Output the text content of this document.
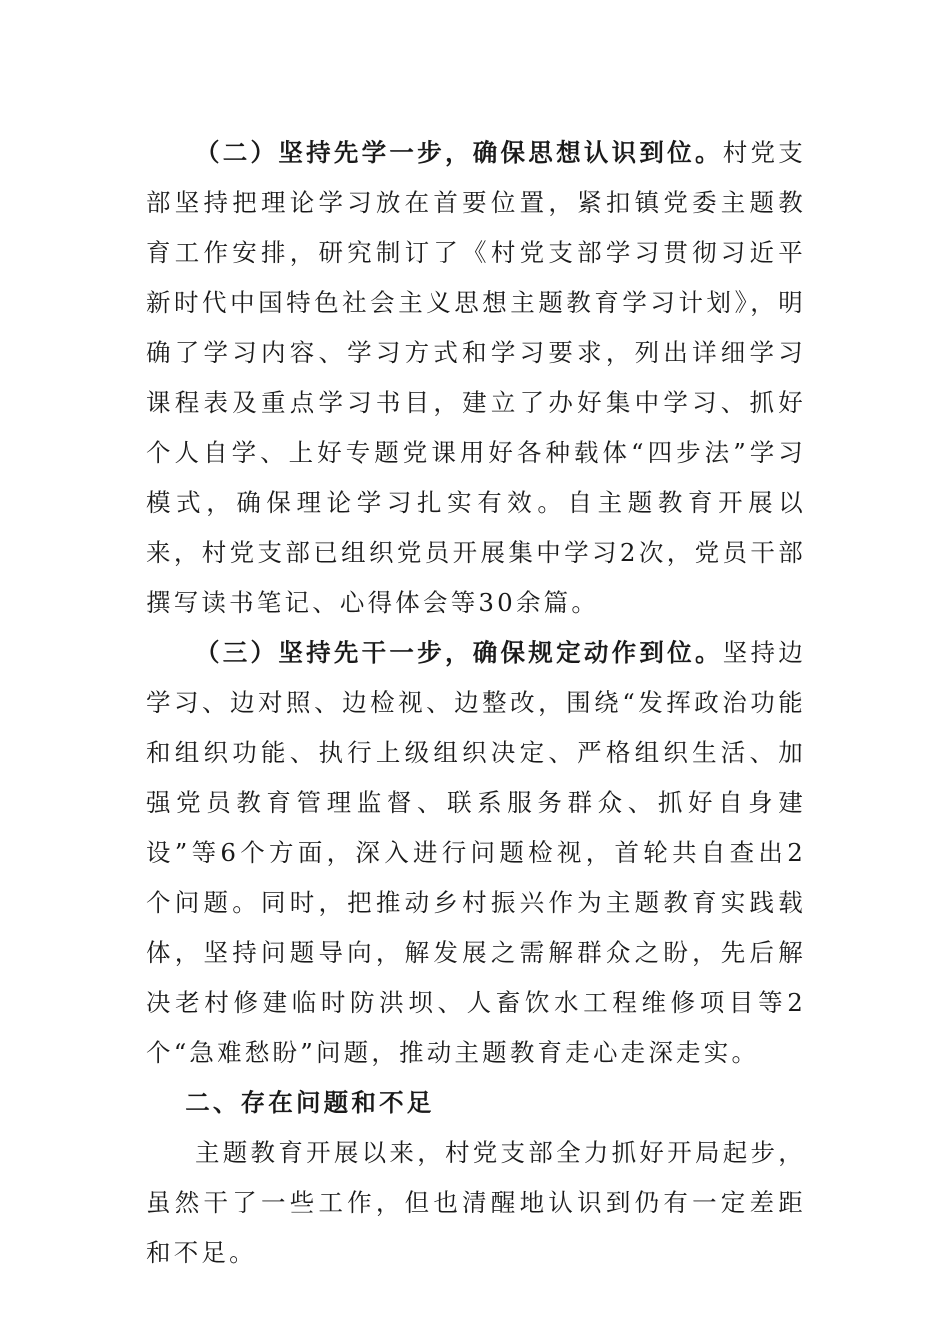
（二）坚持先学一步，确保思想认识到位。村党支部坚持把理论学习放在首要位置，紧扣镇党委主题教育工作安排，研究制订了《村党支部学习贯彻习近平新时代中国特色社会主义思想主题教育学习计划》，明确了学习内容、学习方式和学习要求，列出详细学习课程表及重点学习书目，建立了办好集中学习、抓好个人自学、上好专题党课用好各种载体“四步法”学习模式，确保理论学习扎实有效。自主题教育开展以来，村党支部已组织党员开展集中学习2次，党员干部撰写读书笔记、心得体会等30余篇。

（三）坚持先干一步，确保规定动作到位。坚持边学习、边对照、边检视、边整改，围绕“发挥政治功能和组织功能、执行上级组织决定、严格组织生活、加强党员教育管理监督、联系服务群众、抓好自身建设”等6个方面，深入进行问题检视，首轮共自查出2个问题。同时，把推动乡村振兴作为主题教育实践载体，坚持问题导向，解发展之需解群众之盼，先后解决老村修建临时防洪坝、人畜饮水工程维修项目等2个“急难愁盼”问题，推动主题教育走心走深走实。

二、存在问题和不足

主题教育开展以来，村党支部全力抓好开局起步，虽然干了一些工作，但也清醒地认识到仍有一定差距和不足。
